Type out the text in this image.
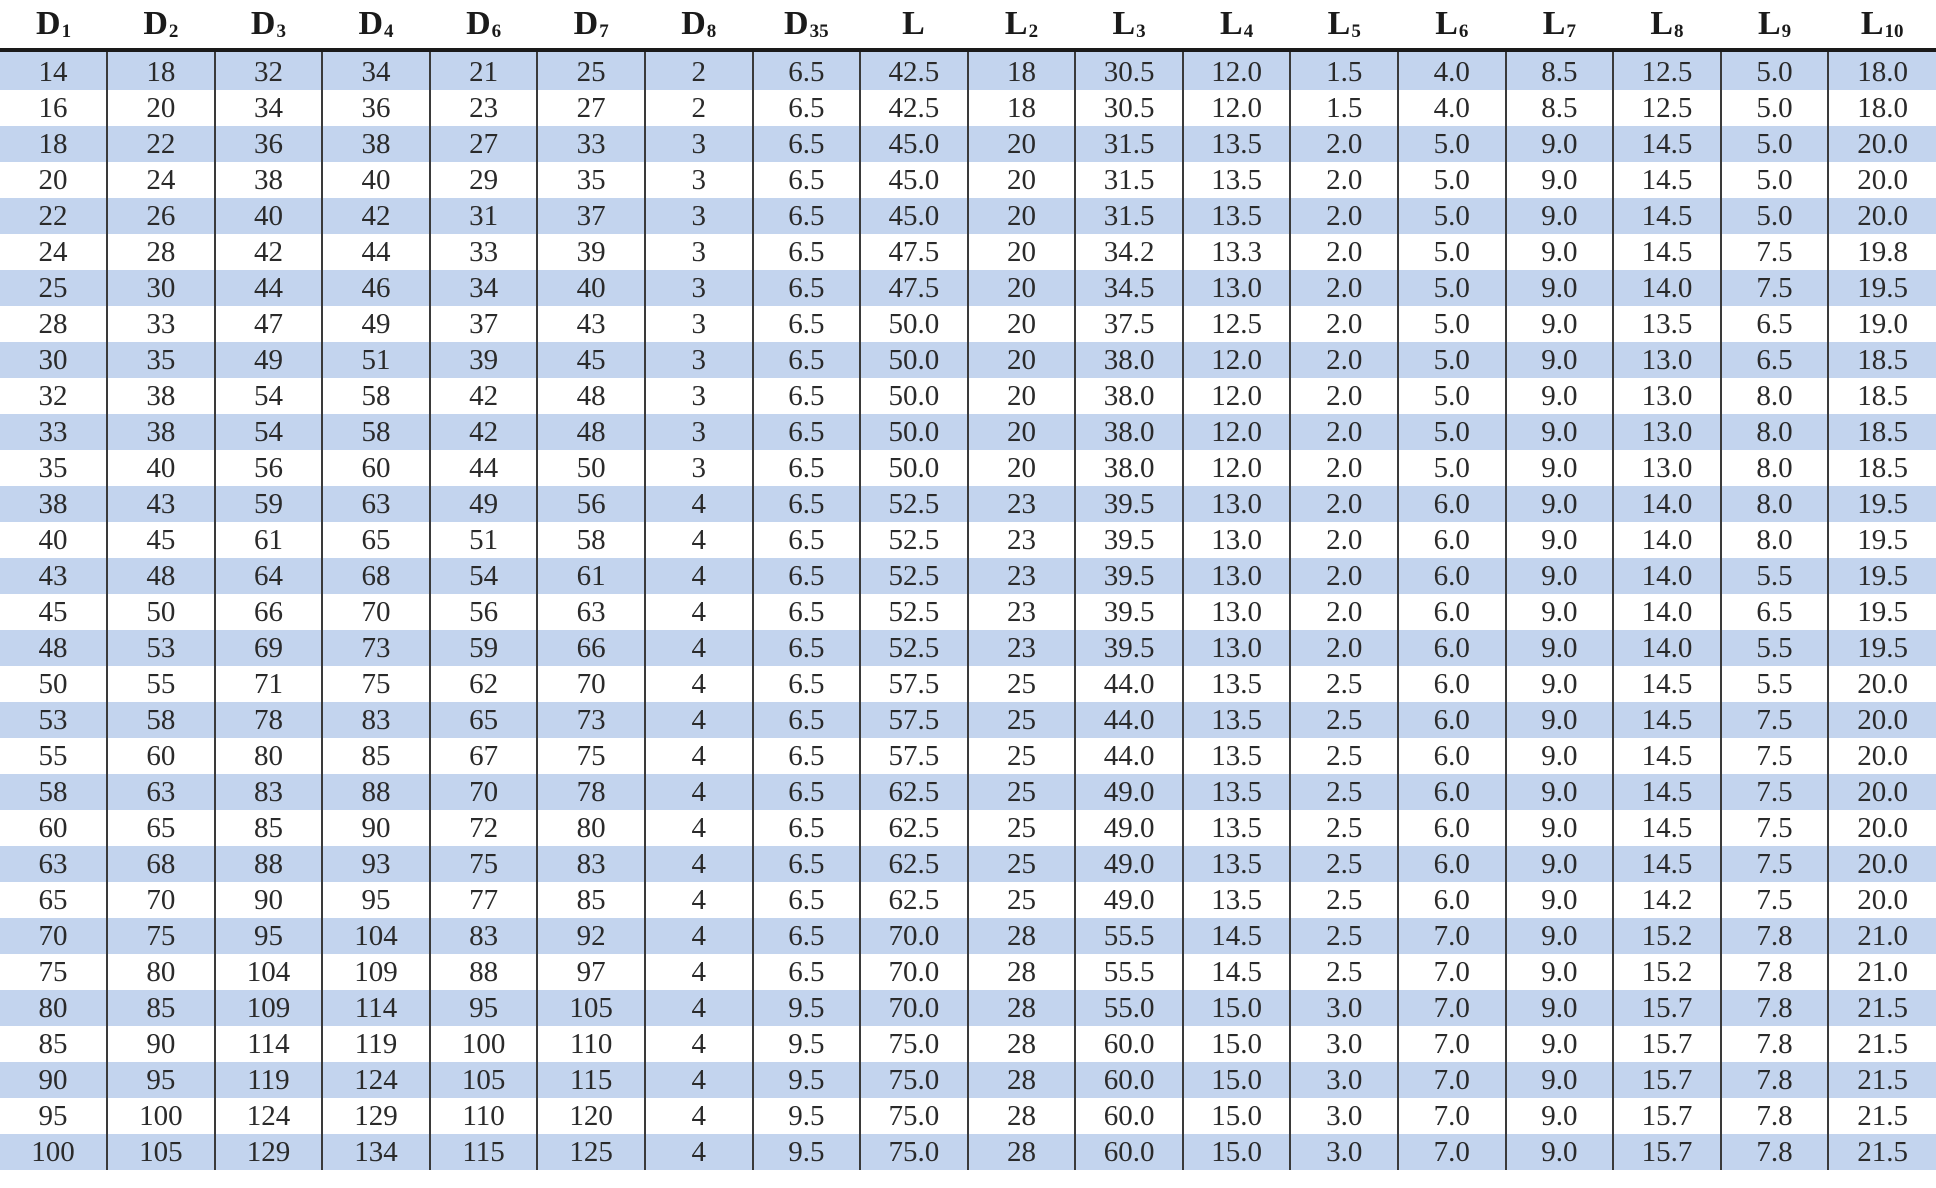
D1	D2	D3	D4	D6	D7	D8	D35	L	L2	L3	L4	L5	L6	L7	L8	L9	L10
14	18	32	34	21	25	2	6.5	42.5	18	30.5	12.0	1.5	4.0	8.5	12.5	5.0	18.0
16	20	34	36	23	27	2	6.5	42.5	18	30.5	12.0	1.5	4.0	8.5	12.5	5.0	18.0
18	22	36	38	27	33	3	6.5	45.0	20	31.5	13.5	2.0	5.0	9.0	14.5	5.0	20.0
20	24	38	40	29	35	3	6.5	45.0	20	31.5	13.5	2.0	5.0	9.0	14.5	5.0	20.0
22	26	40	42	31	37	3	6.5	45.0	20	31.5	13.5	2.0	5.0	9.0	14.5	5.0	20.0
24	28	42	44	33	39	3	6.5	47.5	20	34.2	13.3	2.0	5.0	9.0	14.5	7.5	19.8
25	30	44	46	34	40	3	6.5	47.5	20	34.5	13.0	2.0	5.0	9.0	14.0	7.5	19.5
28	33	47	49	37	43	3	6.5	50.0	20	37.5	12.5	2.0	5.0	9.0	13.5	6.5	19.0
30	35	49	51	39	45	3	6.5	50.0	20	38.0	12.0	2.0	5.0	9.0	13.0	6.5	18.5
32	38	54	58	42	48	3	6.5	50.0	20	38.0	12.0	2.0	5.0	9.0	13.0	8.0	18.5
33	38	54	58	42	48	3	6.5	50.0	20	38.0	12.0	2.0	5.0	9.0	13.0	8.0	18.5
35	40	56	60	44	50	3	6.5	50.0	20	38.0	12.0	2.0	5.0	9.0	13.0	8.0	18.5
38	43	59	63	49	56	4	6.5	52.5	23	39.5	13.0	2.0	6.0	9.0	14.0	8.0	19.5
40	45	61	65	51	58	4	6.5	52.5	23	39.5	13.0	2.0	6.0	9.0	14.0	8.0	19.5
43	48	64	68	54	61	4	6.5	52.5	23	39.5	13.0	2.0	6.0	9.0	14.0	5.5	19.5
45	50	66	70	56	63	4	6.5	52.5	23	39.5	13.0	2.0	6.0	9.0	14.0	6.5	19.5
48	53	69	73	59	66	4	6.5	52.5	23	39.5	13.0	2.0	6.0	9.0	14.0	5.5	19.5
50	55	71	75	62	70	4	6.5	57.5	25	44.0	13.5	2.5	6.0	9.0	14.5	5.5	20.0
53	58	78	83	65	73	4	6.5	57.5	25	44.0	13.5	2.5	6.0	9.0	14.5	7.5	20.0
55	60	80	85	67	75	4	6.5	57.5	25	44.0	13.5	2.5	6.0	9.0	14.5	7.5	20.0
58	63	83	88	70	78	4	6.5	62.5	25	49.0	13.5	2.5	6.0	9.0	14.5	7.5	20.0
60	65	85	90	72	80	4	6.5	62.5	25	49.0	13.5	2.5	6.0	9.0	14.5	7.5	20.0
63	68	88	93	75	83	4	6.5	62.5	25	49.0	13.5	2.5	6.0	9.0	14.5	7.5	20.0
65	70	90	95	77	85	4	6.5	62.5	25	49.0	13.5	2.5	6.0	9.0	14.2	7.5	20.0
70	75	95	104	83	92	4	6.5	70.0	28	55.5	14.5	2.5	7.0	9.0	15.2	7.8	21.0
75	80	104	109	88	97	4	6.5	70.0	28	55.5	14.5	2.5	7.0	9.0	15.2	7.8	21.0
80	85	109	114	95	105	4	9.5	70.0	28	55.0	15.0	3.0	7.0	9.0	15.7	7.8	21.5
85	90	114	119	100	110	4	9.5	75.0	28	60.0	15.0	3.0	7.0	9.0	15.7	7.8	21.5
90	95	119	124	105	115	4	9.5	75.0	28	60.0	15.0	3.0	7.0	9.0	15.7	7.8	21.5
95	100	124	129	110	120	4	9.5	75.0	28	60.0	15.0	3.0	7.0	9.0	15.7	7.8	21.5
100	105	129	134	115	125	4	9.5	75.0	28	60.0	15.0	3.0	7.0	9.0	15.7	7.8	21.5
